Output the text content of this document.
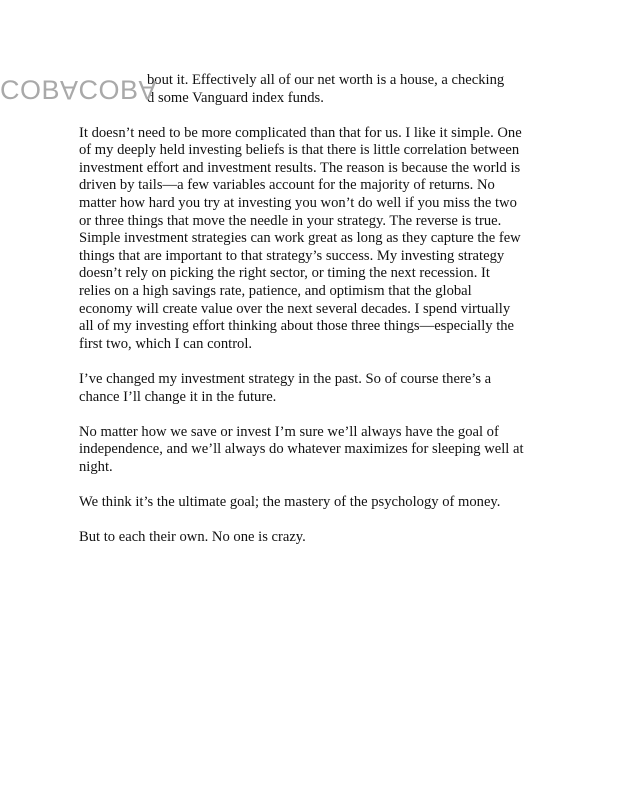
COBACOBA

bout it. Effectively all of our net worth is a house, a checking
d some Vanguard index funds.

It doesn’t need to be more complicated than that for us. I like it simple. One
of my deeply held investing beliefs is that there is little correlation between
investment effort and investment results. The reason is because the world is
driven by tails—a few variables account for the majority of returns. No
matter how hard you try at investing you won’t do well if you miss the two
or three things that move the needle in your strategy. The reverse is true.
Simple investment strategies can work great as long as they capture the few
things that are important to that strategy’s success. My investing strategy
doesn’t rely on picking the right sector, or timing the next recession. It
relies on a high savings rate, patience, and optimism that the global
economy will create value over the next several decades. I spend virtually
all of my investing effort thinking about those three things—especially the
first two, which I can control.

I’ve changed my investment strategy in the past. So of course there’s a
chance I’ll change it in the future.

No matter how we save or invest I’m sure we’ll always have the goal of
independence, and we’ll always do whatever maximizes for sleeping well at
night.

We think it’s the ultimate goal; the mastery of the psychology of money.

But to each their own. No one is crazy.
